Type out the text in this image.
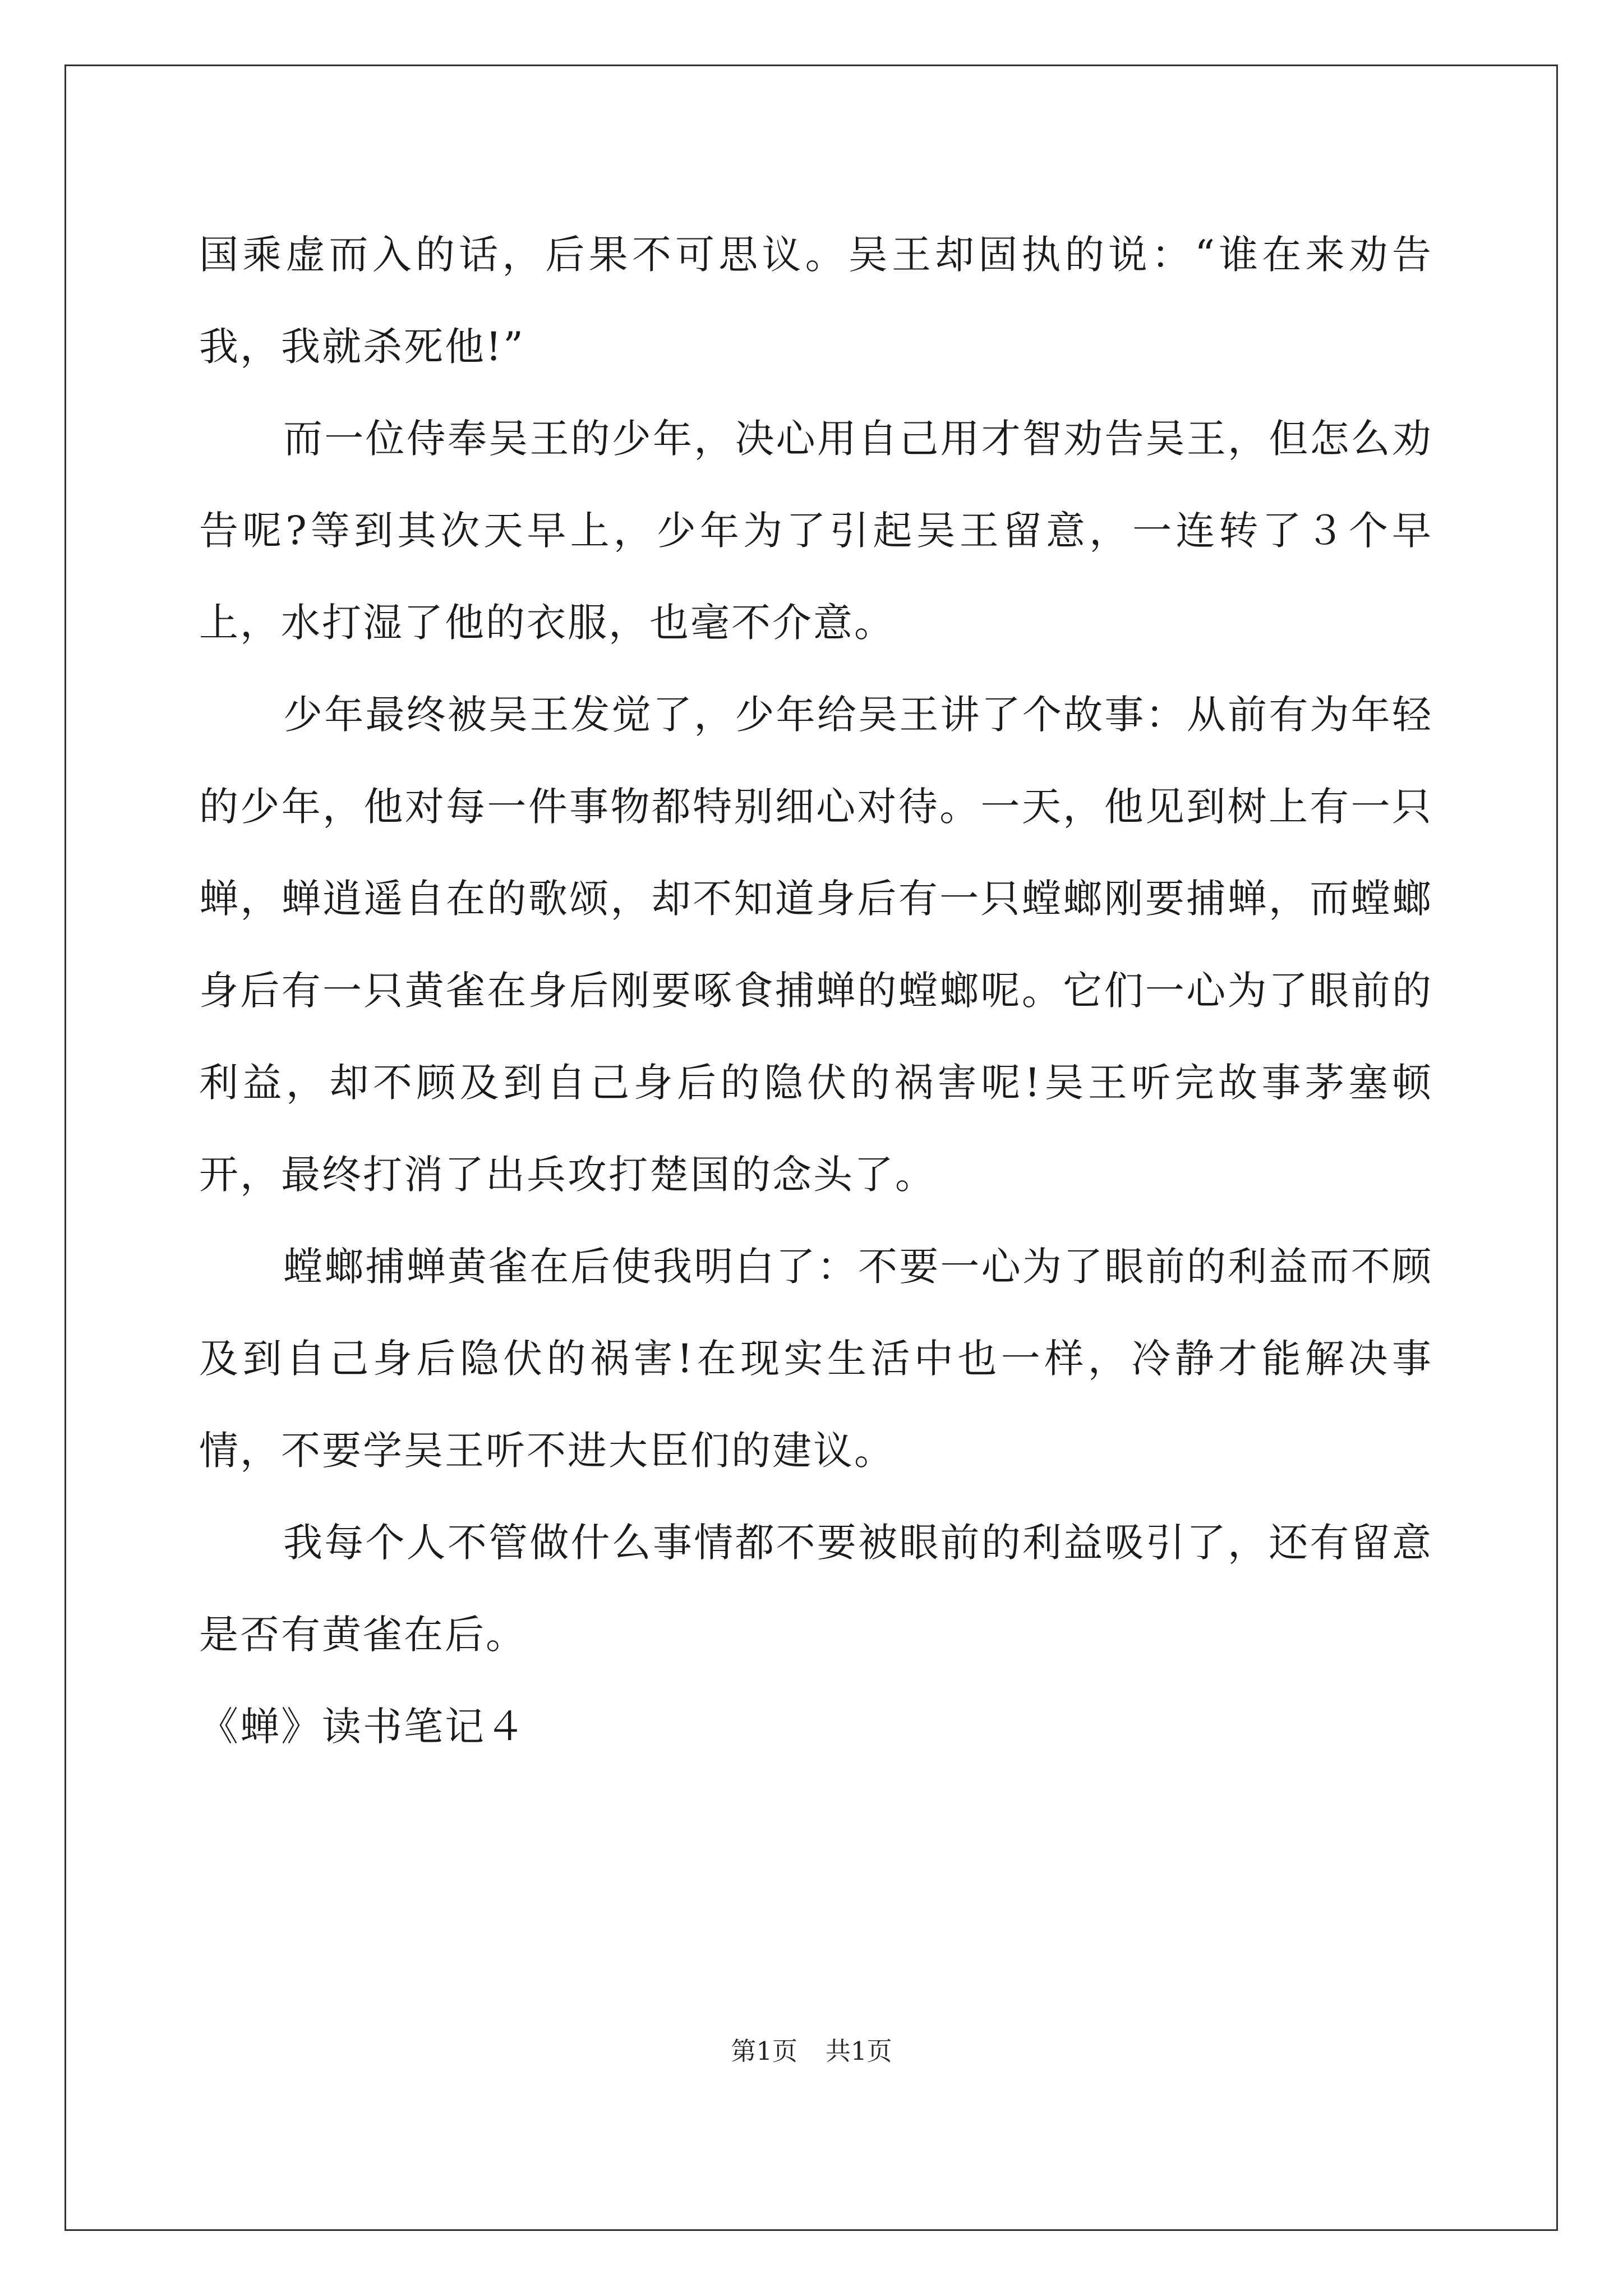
国乘虚而入的话，后果不可思议。吴王却固执的说：“谁在来劝告我，我就杀死他!”

而一位侍奉吴王的少年，决心用自己用才智劝告吴王，但怎么劝告呢?等到其次天早上，少年为了引起吴王留意，一连转了３个早上，水打湿了他的衣服，也毫不介意。

少年最终被吴王发觉了，少年给吴王讲了个故事：从前有为年轻的少年，他对每一件事物都特别细心对待。一天，他见到树上有一只蝉，蝉逍遥自在的歌颂，却不知道身后有一只螳螂刚要捕蝉，而螳螂身后有一只黄雀在身后刚要啄食捕蝉的螳螂呢。它们一心为了眼前的利益，却不顾及到自己身后的隐伏的祸害呢!吴王听完故事茅塞顿开，最终打消了出兵攻打楚国的念头了。

螳螂捕蝉黄雀在后使我明白了：不要一心为了眼前的利益而不顾及到自己身后隐伏的祸害!在现实生活中也一样，冷静才能解决事情，不要学吴王听不进大臣们的建议。

我每个人不管做什么事情都不要被眼前的利益吸引了，还有留意是否有黄雀在后。

《蝉》读书笔记４

第1页 共1页
